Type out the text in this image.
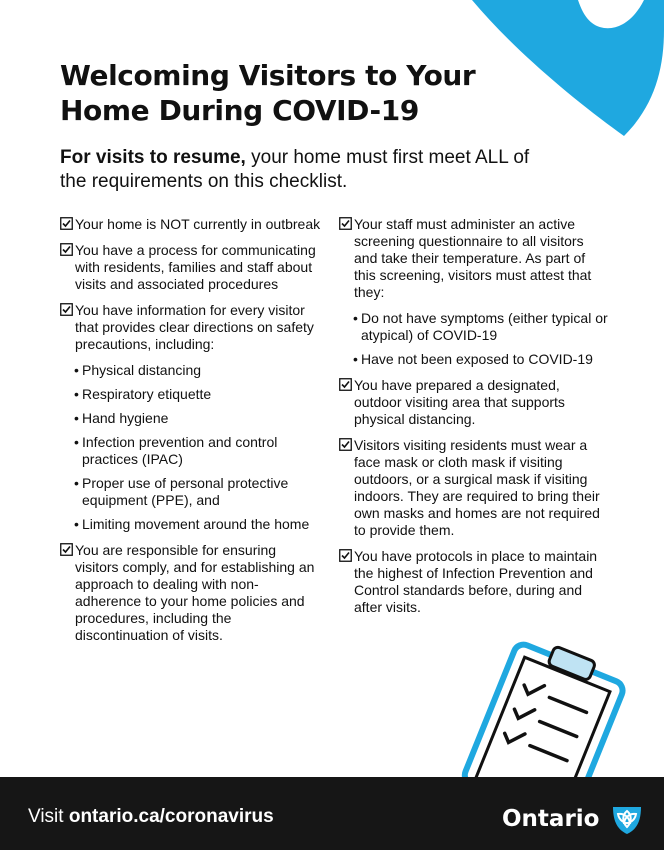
Welcoming Visitors to Your
Home During COVID-19

For visits to resume, your home must first meet ALL of the requirements on this checklist.

Your home is NOT currently in outbreak
You have a process for communicating with residents, families and staff about visits and associated procedures
You have information for every visitor that provides clear directions on safety precautions, including:
• Physical distancing
• Respiratory etiquette
• Hand hygiene
• Infection prevention and control practices (IPAC)
• Proper use of personal protective equipment (PPE), and
• Limiting movement around the home
You are responsible for ensuring visitors comply, and for establishing an approach to dealing with non-adherence to your home policies and procedures, including the discontinuation of visits.
Your staff must administer an active screening questionnaire to all visitors and take their temperature. As part of this screening, visitors must attest that they:
• Do not have symptoms (either typical or atypical) of COVID-19
• Have not been exposed to COVID-19
You have prepared a designated, outdoor visiting area that supports physical distancing.
Visitors visiting residents must wear a face mask or cloth mask if visiting outdoors, or a surgical mask if visiting indoors. They are required to bring their own masks and homes are not required to provide them.
You have protocols in place to maintain the highest of Infection Prevention and Control standards before, during and after visits.
Visit ontario.ca/coronavirus	Ontario
